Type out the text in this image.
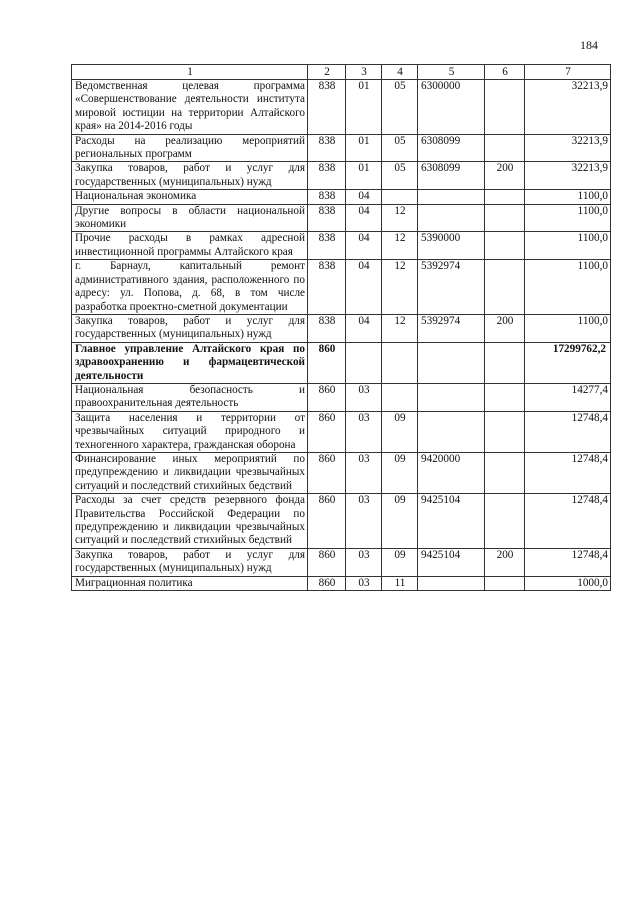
184
1	2	3	4	5	6	7
Ведомственная целевая программа «Совершенствование деятельности института мировой юстиции на территории Алтайского края» на 2014-2016 годы	838	01	05	6300000		32213,9
Расходы на реализацию мероприятий региональных программ	838	01	05	6308099		32213,9
Закупка товаров, работ и услуг для государственных (муниципальных) нужд	838	01	05	6308099	200	32213,9
Национальная экономика	838	04				1100,0
Другие вопросы в области национальной экономики	838	04	12			1100,0
Прочие расходы в рамках адресной инвестиционной программы Алтайского края	838	04	12	5390000		1100,0
г. Барнаул, капитальный ремонт административного здания, расположенного по адресу: ул. Попова, д. 68, в том числе разработка проектно-сметной документации	838	04	12	5392974		1100,0
Закупка товаров, работ и услуг для государственных (муниципальных) нужд	838	04	12	5392974	200	1100,0
Главное управление Алтайского края по здравоохранению и фармацевтической деятельности	860					17299762,2
Национальная безопасность и правоохранительная деятельность	860	03				14277,4
Защита населения и территории от чрезвычайных ситуаций природного и техногенного характера, гражданская оборона	860	03	09			12748,4
Финансирование иных мероприятий по предупреждению и ликвидации чрезвычайных ситуаций и последствий стихийных бедствий	860	03	09	9420000		12748,4
Расходы за счет средств резервного фонда Правительства Российской Федерации по предупреждению и ликвидации чрезвычайных ситуаций и последствий стихийных бедствий	860	03	09	9425104		12748,4
Закупка товаров, работ и услуг для государственных (муниципальных) нужд	860	03	09	9425104	200	12748,4
Миграционная политика	860	03	11			1000,0
